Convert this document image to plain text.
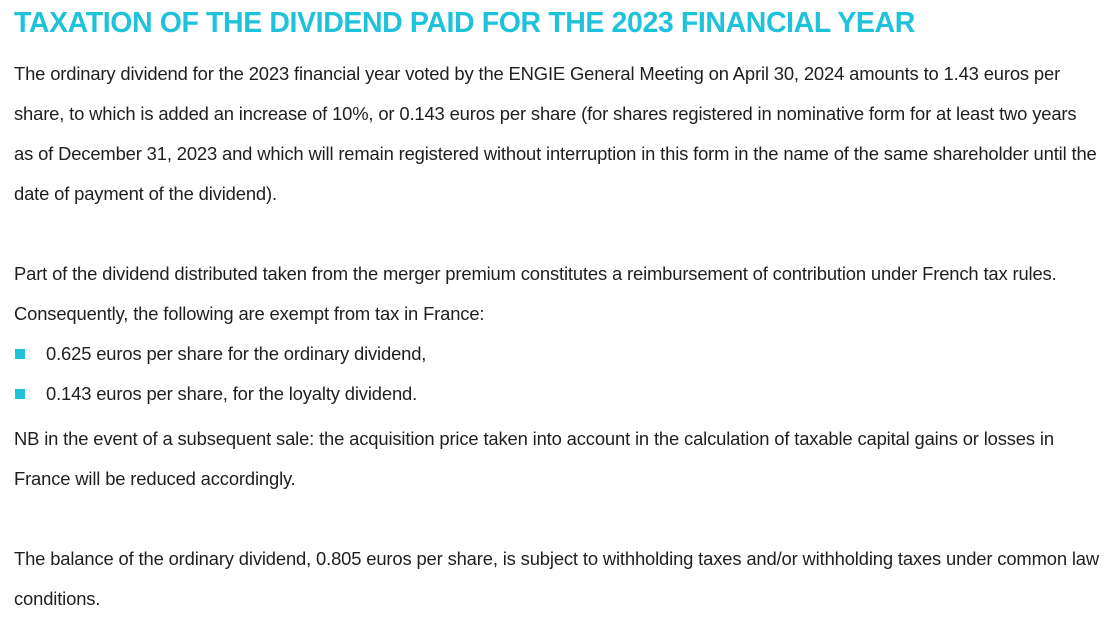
TAXATION OF THE DIVIDEND PAID FOR THE 2023 FINANCIAL YEAR

The ordinary dividend for the 2023 financial year voted by the ENGIE General Meeting on April 30, 2024 amounts to 1.43 euros per share, to which is added an increase of 10%, or 0.143 euros per share (for shares registered in nominative form for at least two years as of December 31, 2023 and which will remain registered without interruption in this form in the name of the same shareholder until the date of payment of the dividend).

Part of the dividend distributed taken from the merger premium constitutes a reimbursement of contribution under French tax rules. Consequently, the following are exempt from tax in France:

0.625 euros per share for the ordinary dividend,
0.143 euros per share, for the loyalty dividend.

NB in the event of a subsequent sale: the acquisition price taken into account in the calculation of taxable capital gains or losses in France will be reduced accordingly.

The balance of the ordinary dividend, 0.805 euros per share, is subject to withholding taxes and/or withholding taxes under common law conditions.
